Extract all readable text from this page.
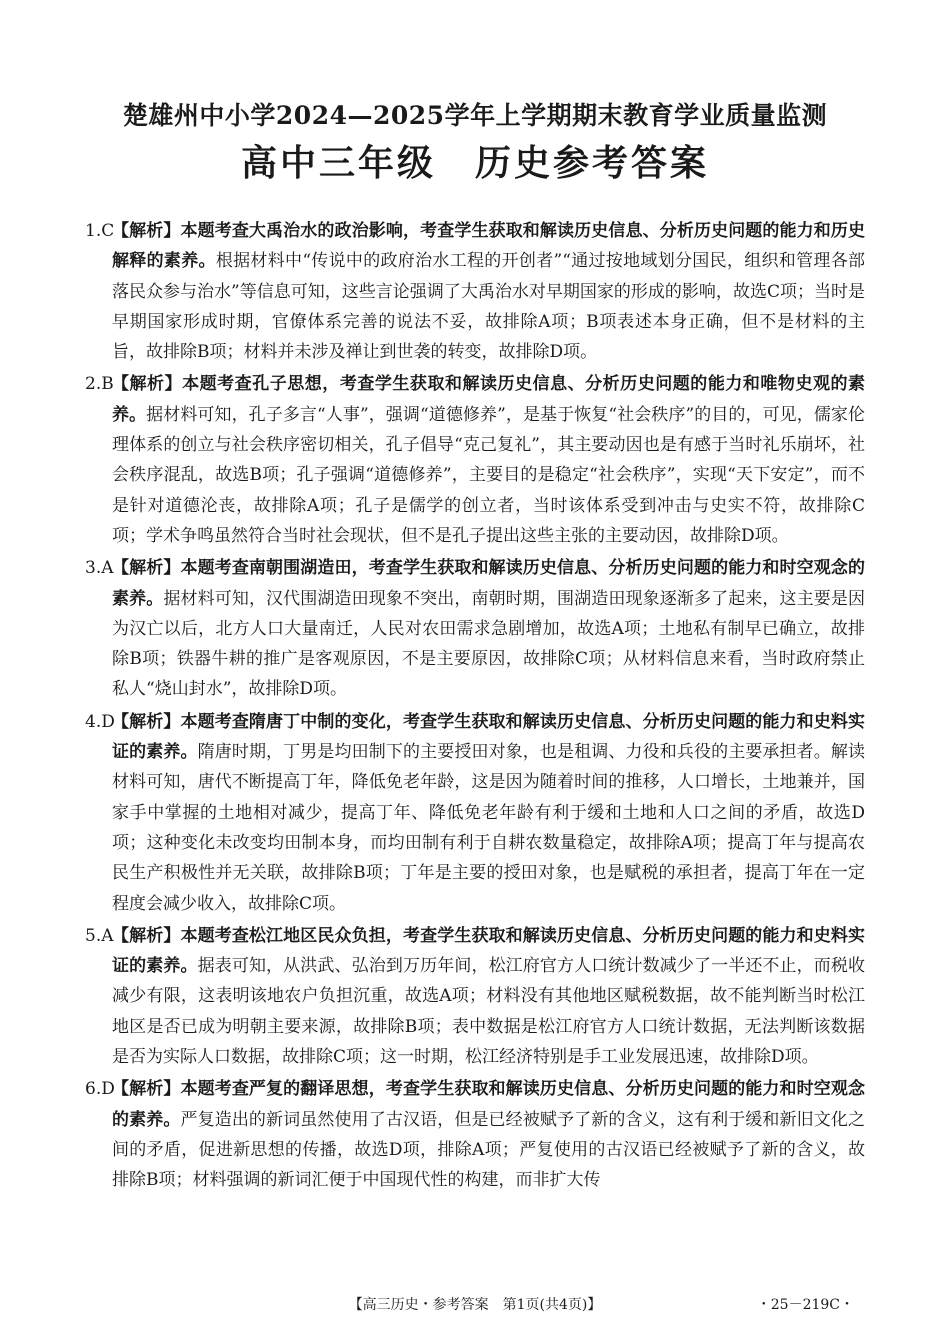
楚雄州中小学2024—2025学年上学期期末教育学业质量监测
高中三年级　历史参考答案
1.C
【解析】本题考查大禹治水的政治影响，考查学生获取和解读历史信息、分析历史问题的能力和历史解释的素养。根据材料中“传说中的政府治水工程的开创者”“通过按地域划分国民，组织和管理各部落民众参与治水”等信息可知，这些言论强调了大禹治水对早期国家的形成的影响，故选C项；当时是早期国家形成时期，官僚体系完善的说法不妥，故排除A项；B项表述本身正确，但不是材料的主旨，故排除B项；材料并未涉及禅让到世袭的转变，故排除D项。
2.B
【解析】本题考查孔子思想，考查学生获取和解读历史信息、分析历史问题的能力和唯物史观的素养。据材料可知，孔子多言“人事”，强调“道德修养”，是基于恢复“社会秩序”的目的，可见，儒家伦理体系的创立与社会秩序密切相关，孔子倡导“克己复礼”，其主要动因也是有感于当时礼乐崩坏，社会秩序混乱，故选B项；孔子强调“道德修养”，主要目的是稳定“社会秩序”，实现“天下安定”，而不是针对道德沦丧，故排除A项；孔子是儒学的创立者，当时该体系受到冲击与史实不符，故排除C项；学术争鸣虽然符合当时社会现状，但不是孔子提出这些主张的主要动因，故排除D项。
3.A
【解析】本题考查南朝围湖造田，考查学生获取和解读历史信息、分析历史问题的能力和时空观念的素养。据材料可知，汉代围湖造田现象不突出，南朝时期，围湖造田现象逐渐多了起来，这主要是因为汉亡以后，北方人口大量南迁，人民对农田需求急剧增加，故选A项；土地私有制早已确立，故排除B项；铁器牛耕的推广是客观原因，不是主要原因，故排除C项；从材料信息来看，当时政府禁止私人“烧山封水”，故排除D项。
4.D
【解析】本题考查隋唐丁中制的变化，考查学生获取和解读历史信息、分析历史问题的能力和史料实证的素养。隋唐时期，丁男是均田制下的主要授田对象，也是租调、力役和兵役的主要承担者。解读材料可知，唐代不断提高丁年，降低免老年龄，这是因为随着时间的推移，人口增长，土地兼并，国家手中掌握的土地相对减少，提高丁年、降低免老年龄有利于缓和土地和人口之间的矛盾，故选D项；这种变化未改变均田制本身，而均田制有利于自耕农数量稳定，故排除A项；提高丁年与提高农民生产积极性并无关联，故排除B项；丁年是主要的授田对象，也是赋税的承担者，提高丁年在一定程度会减少收入，故排除C项。
5.A
【解析】本题考查松江地区民众负担，考查学生获取和解读历史信息、分析历史问题的能力和史料实证的素养。据表可知，从洪武、弘治到万历年间，松江府官方人口统计数减少了一半还不止，而税收减少有限，这表明该地农户负担沉重，故选A项；材料没有其他地区赋税数据，故不能判断当时松江地区是否已成为明朝主要来源，故排除B项；表中数据是松江府官方人口统计数据，无法判断该数据是否为实际人口数据，故排除C项；这一时期，松江经济特别是手工业发展迅速，故排除D项。
6.D
【解析】本题考查严复的翻译思想，考查学生获取和解读历史信息、分析历史问题的能力和时空观念的素养。严复造出的新词虽然使用了古汉语，但是已经被赋予了新的含义，这有利于缓和新旧文化之间的矛盾，促进新思想的传播，故选D项，排除A项；严复使用的古汉语已经被赋予了新的含义，故排除B项；材料强调的新词汇便于中国现代性的构建，而非扩大传
【高三历史・参考答案　第1页(共4页)】	・25－219C・
